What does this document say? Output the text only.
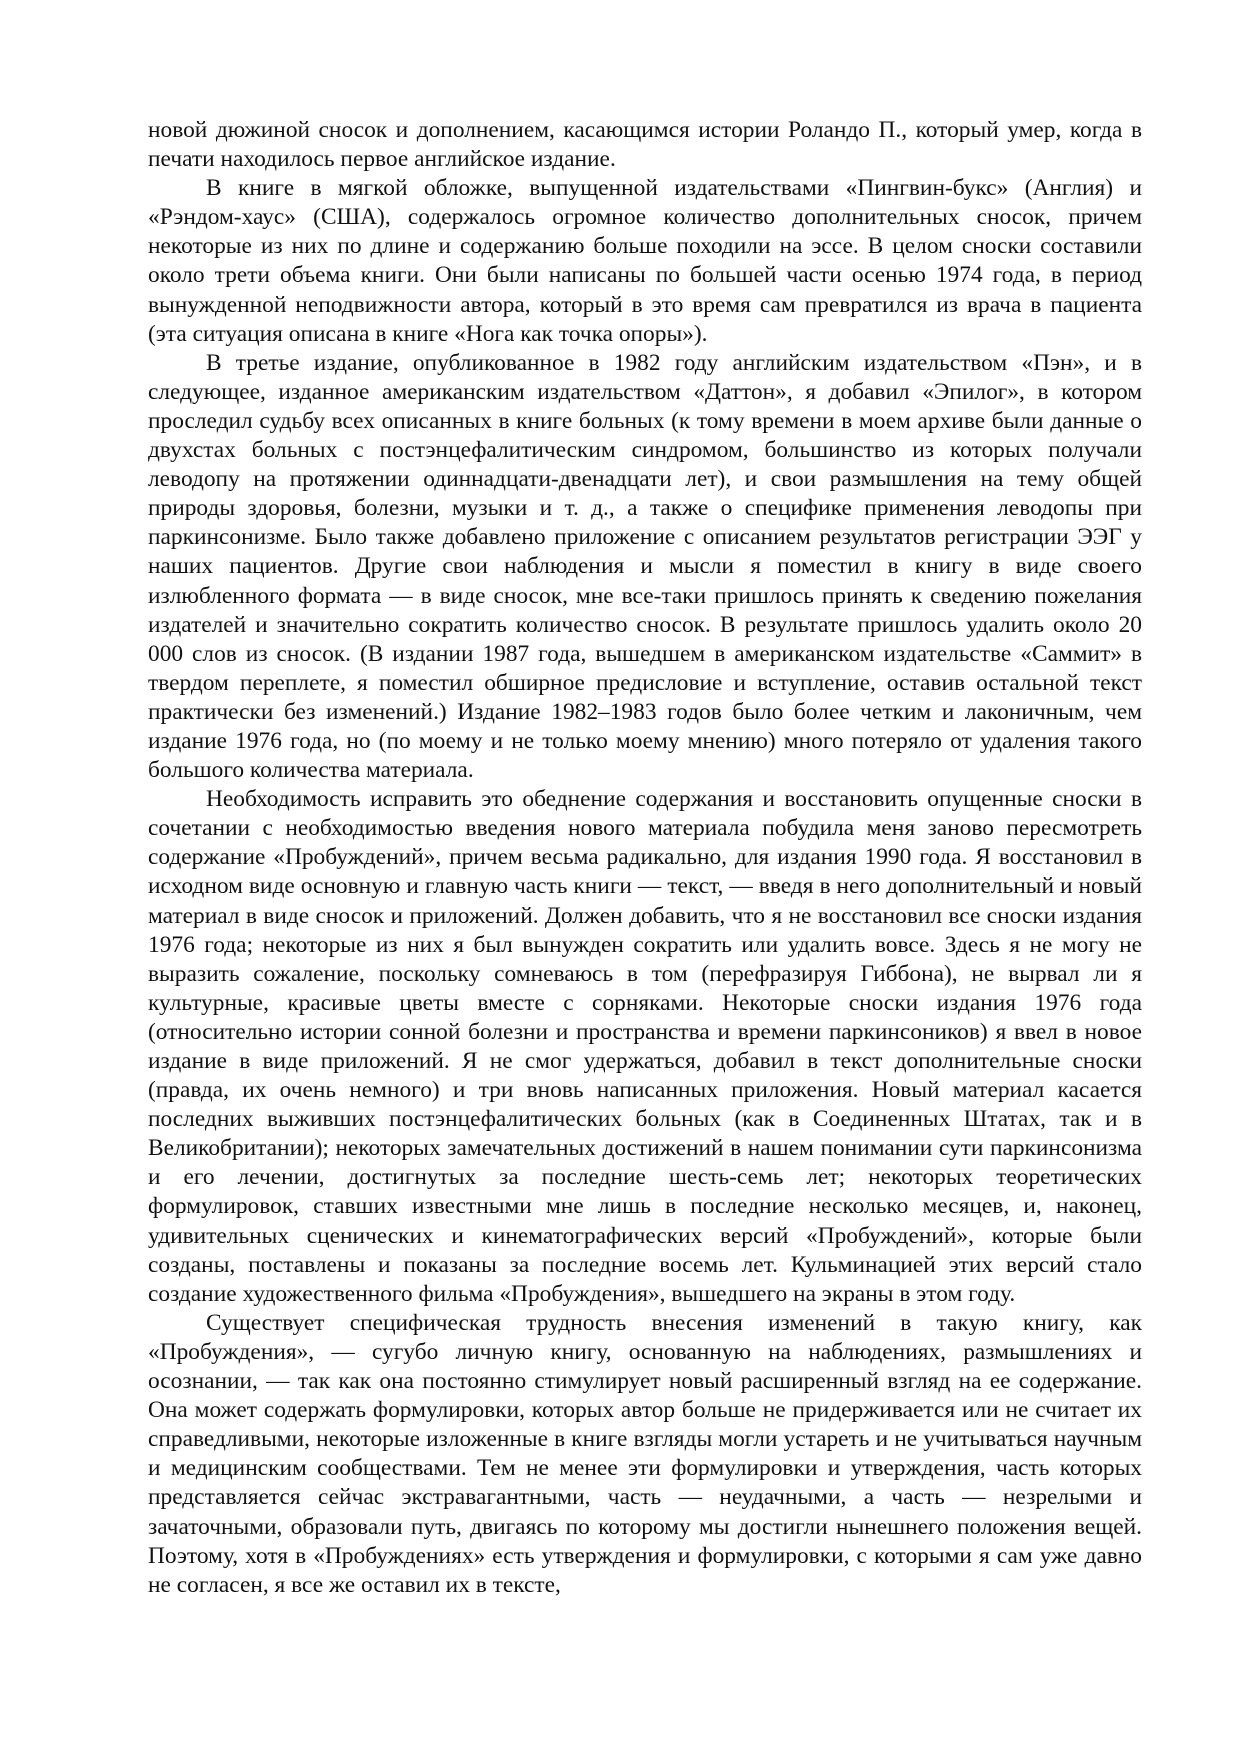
новой дюжиной сносок и дополнением, касающимся истории Роландо П., который умер, когда в печати находилось первое английское издание.

В книге в мягкой обложке, выпущенной издательствами «Пингвин-букс» (Англия) и «Рэндом-хаус» (США), содержалось огромное количество дополнительных сносок, причем некоторые из них по длине и содержанию больше походили на эссе. В целом сноски составили около трети объема книги. Они были написаны по большей части осенью 1974 года, в период вынужденной неподвижности автора, который в это время сам превратился из врача в пациента (эта ситуация описана в книге «Нога как точка опоры»).

В третье издание, опубликованное в 1982 году английским издательством «Пэн», и в следующее, изданное американским издательством «Даттон», я добавил «Эпилог», в котором проследил судьбу всех описанных в книге больных (к тому времени в моем архиве были данные о двухстах больных с постэнцефалитическим синдромом, большинство из которых получали леводопу на протяжении одиннадцати-двенадцати лет), и свои размышления на тему общей природы здоровья, болезни, музыки и т. д., а также о специфике применения леводопы при паркинсонизме. Было также добавлено приложение с описанием результатов регистрации ЭЭГ у наших пациентов. Другие свои наблюдения и мысли я поместил в книгу в виде своего излюбленного формата — в виде сносок, мне все-таки пришлось принять к сведению пожелания издателей и значительно сократить количество сносок. В результате пришлось удалить около 20 000 слов из сносок. (В издании 1987 года, вышедшем в американском издательстве «Саммит» в твердом переплете, я поместил обширное предисловие и вступление, оставив остальной текст практически без изменений.) Издание 1982–1983 годов было более четким и лаконичным, чем издание 1976 года, но (по моему и не только моему мнению) много потеряло от удаления такого большого количества материала.

Необходимость исправить это обеднение содержания и восстановить опущенные сноски в сочетании с необходимостью введения нового материала побудила меня заново пересмотреть содержание «Пробуждений», причем весьма радикально, для издания 1990 года. Я восстановил в исходном виде основную и главную часть книги — текст, — введя в него дополнительный и новый материал в виде сносок и приложений. Должен добавить, что я не восстановил все сноски издания 1976 года; некоторые из них я был вынужден сократить или удалить вовсе. Здесь я не могу не выразить сожаление, поскольку сомневаюсь в том (перефразируя Гиббона), не вырвал ли я культурные, красивые цветы вместе с сорняками. Некоторые сноски издания 1976 года (относительно истории сонной болезни и пространства и времени паркинсоников) я ввел в новое издание в виде приложений. Я не смог удержаться, добавил в текст дополнительные сноски (правда, их очень немного) и три вновь написанных приложения. Новый материал касается последних выживших постэнцефалитических больных (как в Соединенных Штатах, так и в Великобритании); некоторых замечательных достижений в нашем понимании сути паркинсонизма и его лечении, достигнутых за последние шесть-семь лет; некоторых теоретических формулировок, ставших известными мне лишь в последние несколько месяцев, и, наконец, удивительных сценических и кинематографических версий «Пробуждений», которые были созданы, поставлены и показаны за последние восемь лет. Кульминацией этих версий стало создание художественного фильма «Пробуждения», вышедшего на экраны в этом году.

Существует специфическая трудность внесения изменений в такую книгу, как «Пробуждения», — сугубо личную книгу, основанную на наблюдениях, размышлениях и осознании, — так как она постоянно стимулирует новый расширенный взгляд на ее содержание. Она может содержать формулировки, которых автор больше не придерживается или не считает их справедливыми, некоторые изложенные в книге взгляды могли устареть и не учитываться научным и медицинским сообществами. Тем не менее эти формулировки и утверждения, часть которых представляется сейчас экстравагантными, часть — неудачными, а часть — незрелыми и зачаточными, образовали путь, двигаясь по которому мы достигли нынешнего положения вещей. Поэтому, хотя в «Пробуждениях» есть утверждения и формулировки, с которыми я сам уже давно не согласен, я все же оставил их в тексте,
